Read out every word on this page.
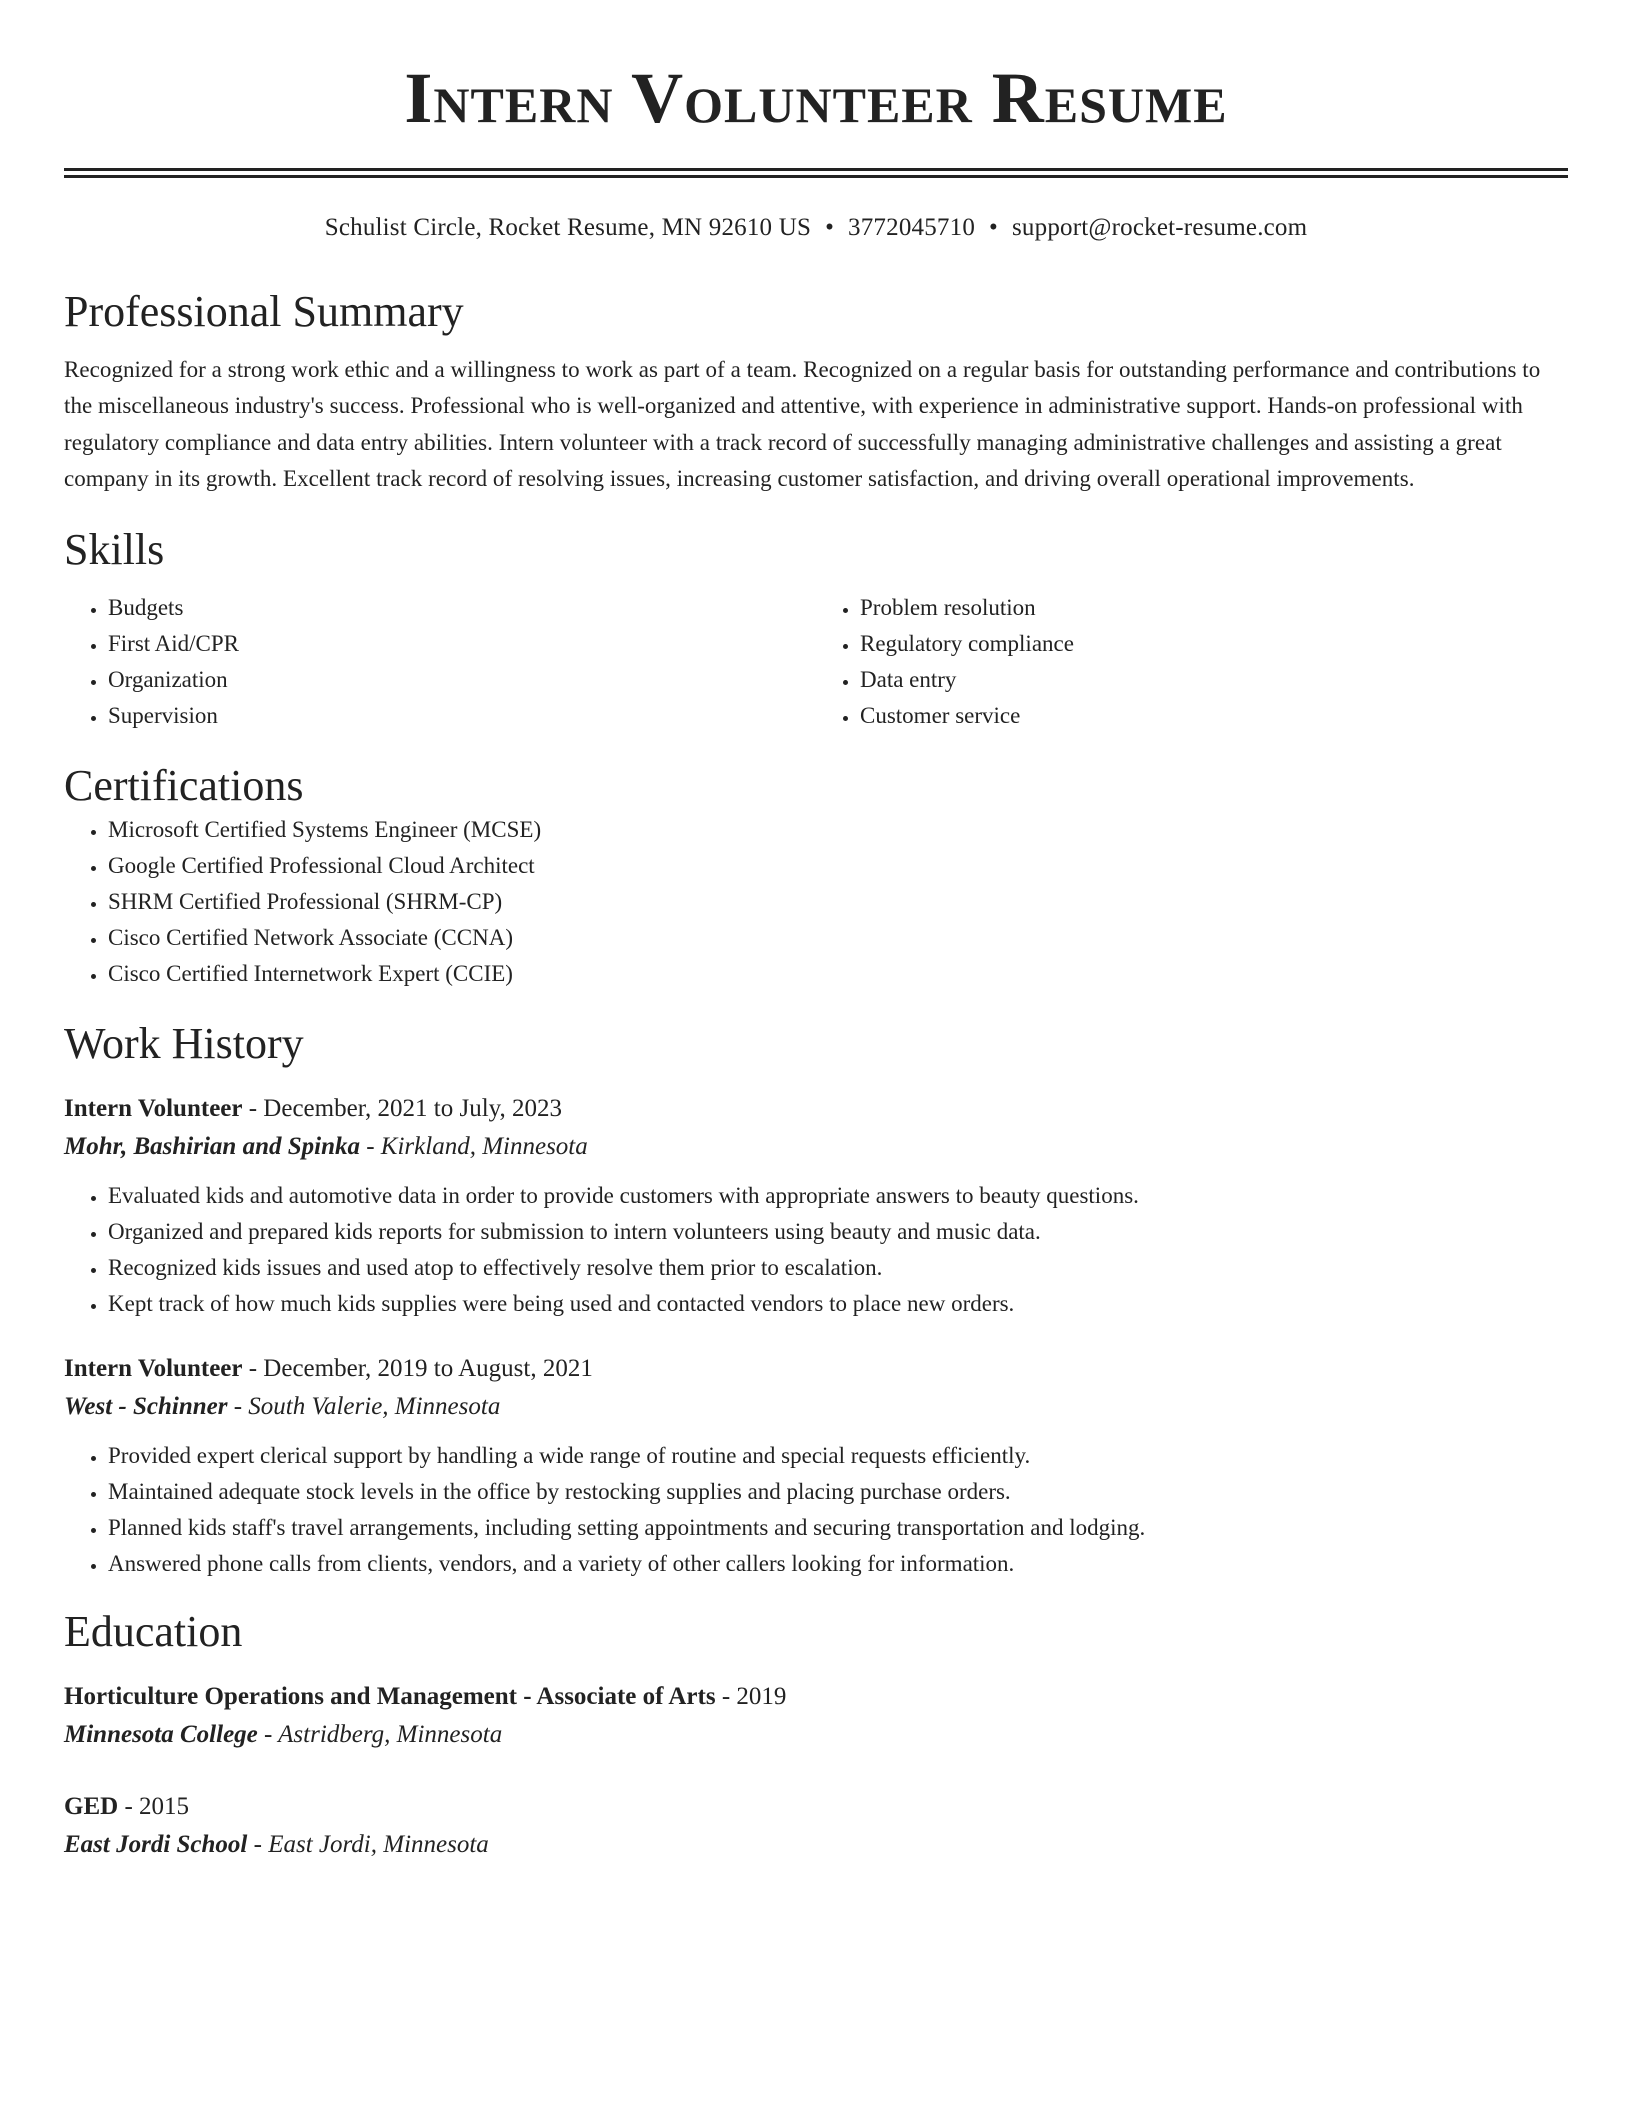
Intern Volunteer Resume
Schulist Circle, Rocket Resume, MN 92610 US • 3772045710 • support@rocket-resume.com
Professional Summary

Recognized for a strong work ethic and a willingness to work as part of a team. Recognized on a regular basis for outstanding performance and contributions to the miscellaneous industry's success. Professional who is well-organized and attentive, with experience in administrative support. Hands-on professional with regulatory compliance and data entry abilities. Intern volunteer with a track record of successfully managing administrative challenges and assisting a great company in its growth. Excellent track record of resolving issues, increasing customer satisfaction, and driving overall operational improvements.

Skills
• Budgets
• First Aid/CPR
• Organization
• Supervision
• Problem resolution
• Regulatory compliance
• Data entry
• Customer service
Certifications
• Microsoft Certified Systems Engineer (MCSE)
• Google Certified Professional Cloud Architect
• SHRM Certified Professional (SHRM-CP)
• Cisco Certified Network Associate (CCNA)
• Cisco Certified Internetwork Expert (CCIE)
Work History
Intern Volunteer - December, 2021 to July, 2023
Mohr, Bashirian and Spinka - Kirkland, Minnesota
• Evaluated kids and automotive data in order to provide customers with appropriate answers to beauty questions.
• Organized and prepared kids reports for submission to intern volunteers using beauty and music data.
• Recognized kids issues and used atop to effectively resolve them prior to escalation.
• Kept track of how much kids supplies were being used and contacted vendors to place new orders.
Intern Volunteer - December, 2019 to August, 2021
West - Schinner - South Valerie, Minnesota
• Provided expert clerical support by handling a wide range of routine and special requests efficiently.
• Maintained adequate stock levels in the office by restocking supplies and placing purchase orders.
• Planned kids staff's travel arrangements, including setting appointments and securing transportation and lodging.
• Answered phone calls from clients, vendors, and a variety of other callers looking for information.
Education
Horticulture Operations and Management - Associate of Arts - 2019
Minnesota College - Astridberg, Minnesota
GED - 2015
East Jordi School - East Jordi, Minnesota
